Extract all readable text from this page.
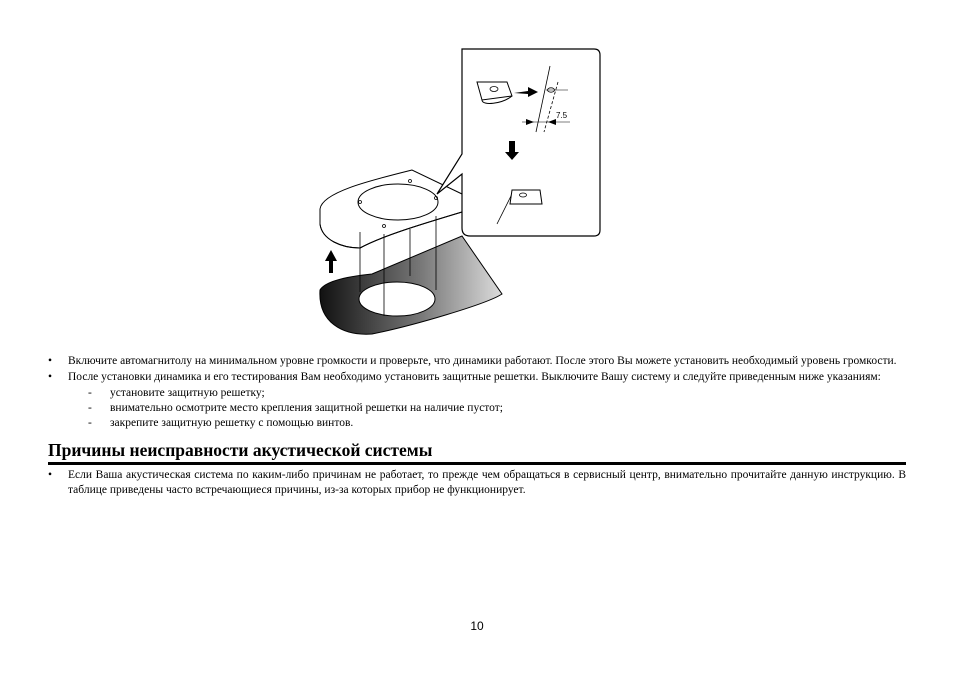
7.5
• Включите автомагнитолу на минимальном уровне громкости и проверьте, что динамики работают. После этого Вы можете установить необходимый уровень громкости.
• После установки динамика и его тестирования Вам необходимо установить защитные решетки. Выключите Вашу систему и следуйте приведенным ниже указаниям:
- установите защитную решетку;
- внимательно осмотрите место крепления защитной решетки на наличие пустот;
- закрепите защитную решетку с помощью винтов.
Причины неисправности акустической системы
• Если Ваша акустическая система по каким-либо причинам не работает, то прежде чем обращаться в сервисный центр, внимательно прочитайте данную инструкцию. В таблице приведены часто встречающиеся причины, из-за которых прибор не функционирует.
10
